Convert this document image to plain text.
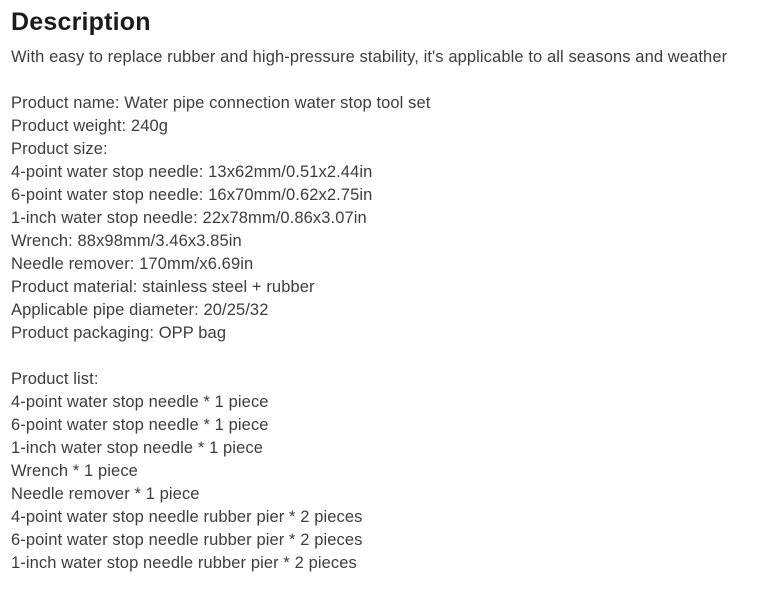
Description

With easy to replace rubber and high-pressure stability, it's applicable to all seasons and weather

Product name: Water pipe connection water stop tool set
Product weight: 240g
Product size:
4-point water stop needle: 13x62mm/0.51x2.44in
6-point water stop needle: 16x70mm/0.62x2.75in
1-inch water stop needle: 22x78mm/0.86x3.07in
Wrench: 88x98mm/3.46x3.85in
Needle remover: 170mm/x6.69in
Product material: stainless steel + rubber
Applicable pipe diameter: 20/25/32
Product packaging: OPP bag
Product list:
4-point water stop needle * 1 piece
6-point water stop needle * 1 piece
1-inch water stop needle * 1 piece
Wrench * 1 piece
Needle remover * 1 piece
4-point water stop needle rubber pier * 2 pieces
6-point water stop needle rubber pier * 2 pieces
1-inch water stop needle rubber pier * 2 pieces
